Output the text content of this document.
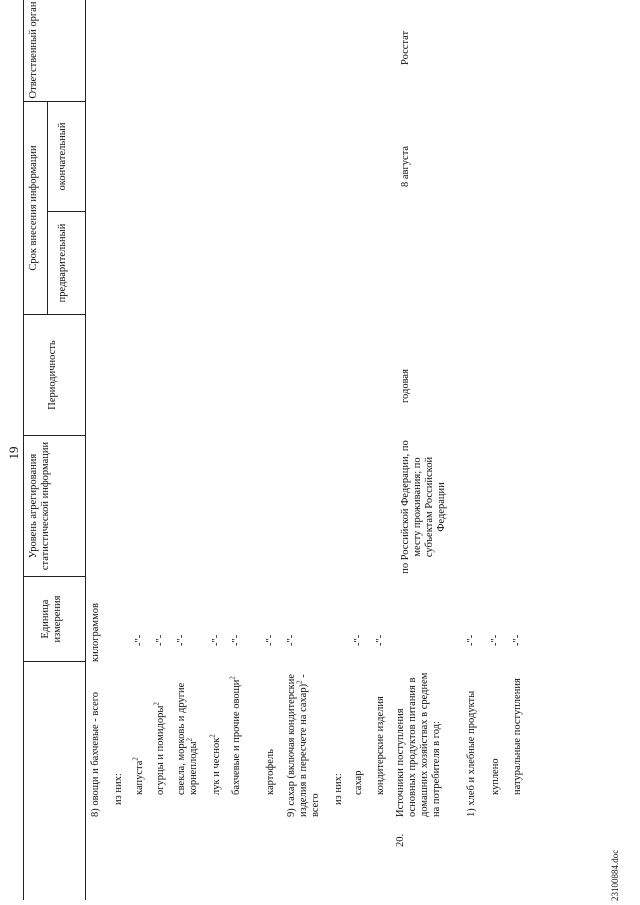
19
Единица измерения
Уровень агрегирования статистической информации
Периодичность
Срок внесения информации предварительный
окончательный
Ответственный орган
8) овощи и бахчевые - всего
килограммов
из них: капуста$^2$
-"-
огурцы и помидоры$^2$
-"-
свекла, морковь и другие корнеплоды$^2$
-"-
лук и чеснок$^2$
-"-
бахчевые и прочие овощи$^2$
-"-
картофель
-"-
9) сахар (включая кондитерские изделия в пересчете на сахар)$^2$ - всего
-"-
из них: сахар
-"-
кондитерские изделия
-"-
20.
Источники поступления основных продуктов питания в домашних хозяйствах в среднем на потребителя в год:
по Российской Федерации, по месту проживания; по субъектам Российской Федерации
годовая
8 августа
Росстат
1) хлеб и хлебные продукты
-"-
куплено
-"-
натуральные поступления
-"-
23100884.doc
